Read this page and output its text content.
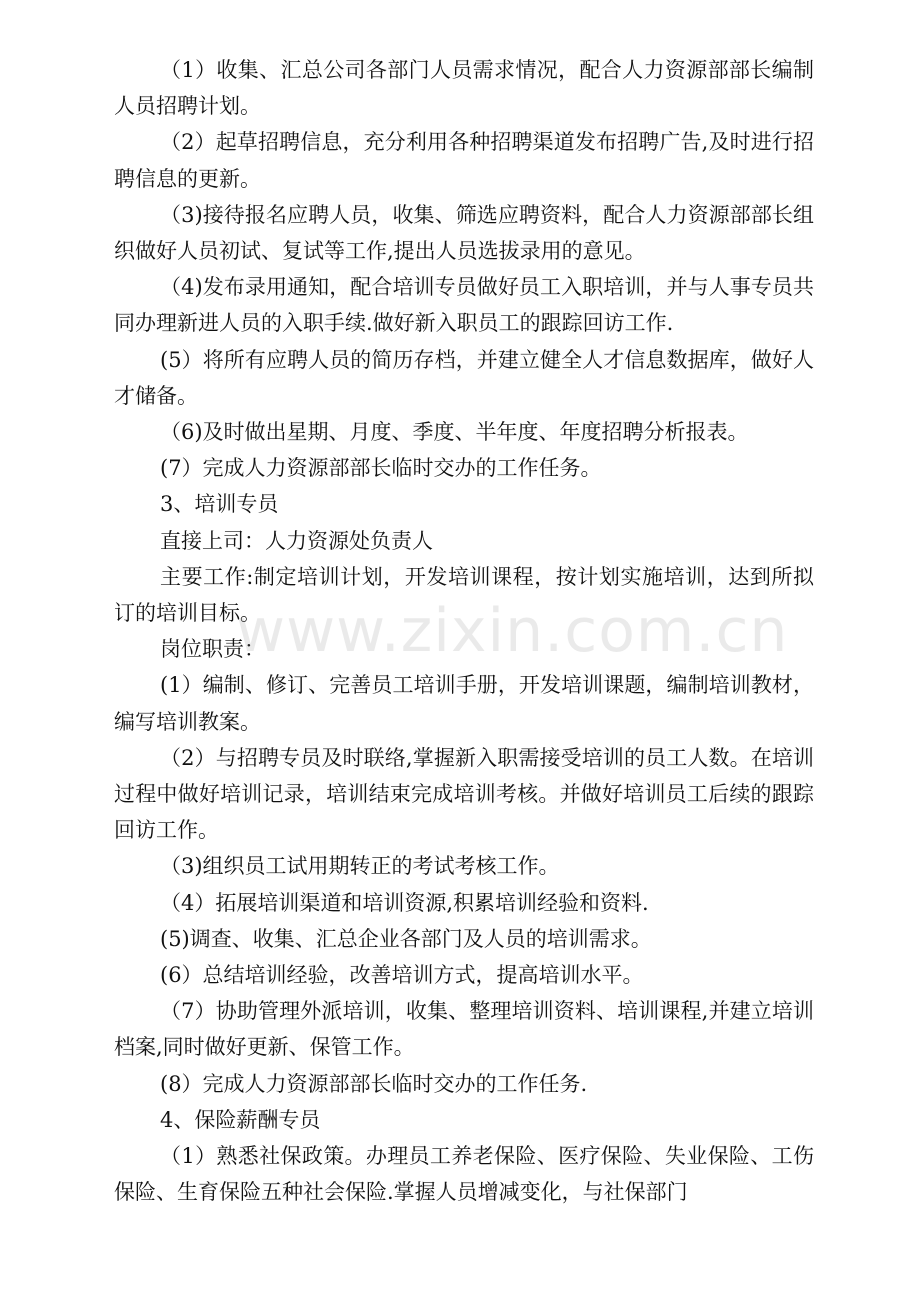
（1）收集、汇总公司各部门人员需求情况，配合人力资源部部长编制人员招聘计划。

（2）起草招聘信息，充分利用各种招聘渠道发布招聘广告,及时进行招聘信息的更新。

（3)接待报名应聘人员，收集、筛选应聘资料，配合人力资源部部长组织做好人员初试、复试等工作,提出人员选拔录用的意见。

（4)发布录用通知，配合培训专员做好员工入职培训，并与人事专员共同办理新进人员的入职手续.做好新入职员工的跟踪回访工作.

(5）将所有应聘人员的简历存档，并建立健全人才信息数据库，做好人才储备。

（6)及时做出星期、月度、季度、半年度、年度招聘分析报表。

(7）完成人力资源部部长临时交办的工作任务。

3、培训专员

直接上司：人力资源处负责人

主要工作:制定培训计划，开发培训课程，按计划实施培训，达到所拟订的培训目标。

岗位职责：

(1）编制、修订、完善员工培训手册，开发培训课题，编制培训教材，编写培训教案。

（2）与招聘专员及时联络,掌握新入职需接受培训的员工人数。在培训过程中做好培训记录，培训结束完成培训考核。并做好培训员工后续的跟踪回访工作。

（3)组织员工试用期转正的考试考核工作。

（4）拓展培训渠道和培训资源,积累培训经验和资料.

(5)调查、收集、汇总企业各部门及人员的培训需求。

(6）总结培训经验，改善培训方式，提高培训水平。

（7）协助管理外派培训，收集、整理培训资料、培训课程,并建立培训档案,同时做好更新、保管工作。

(8）完成人力资源部部长临时交办的工作任务.

4、保险薪酬专员

（1）熟悉社保政策。办理员工养老保险、医疗保险、失业保险、工伤保险、生育保险五种社会保险.掌握人员增减变化，与社保部门

www.zixin.com.cn
